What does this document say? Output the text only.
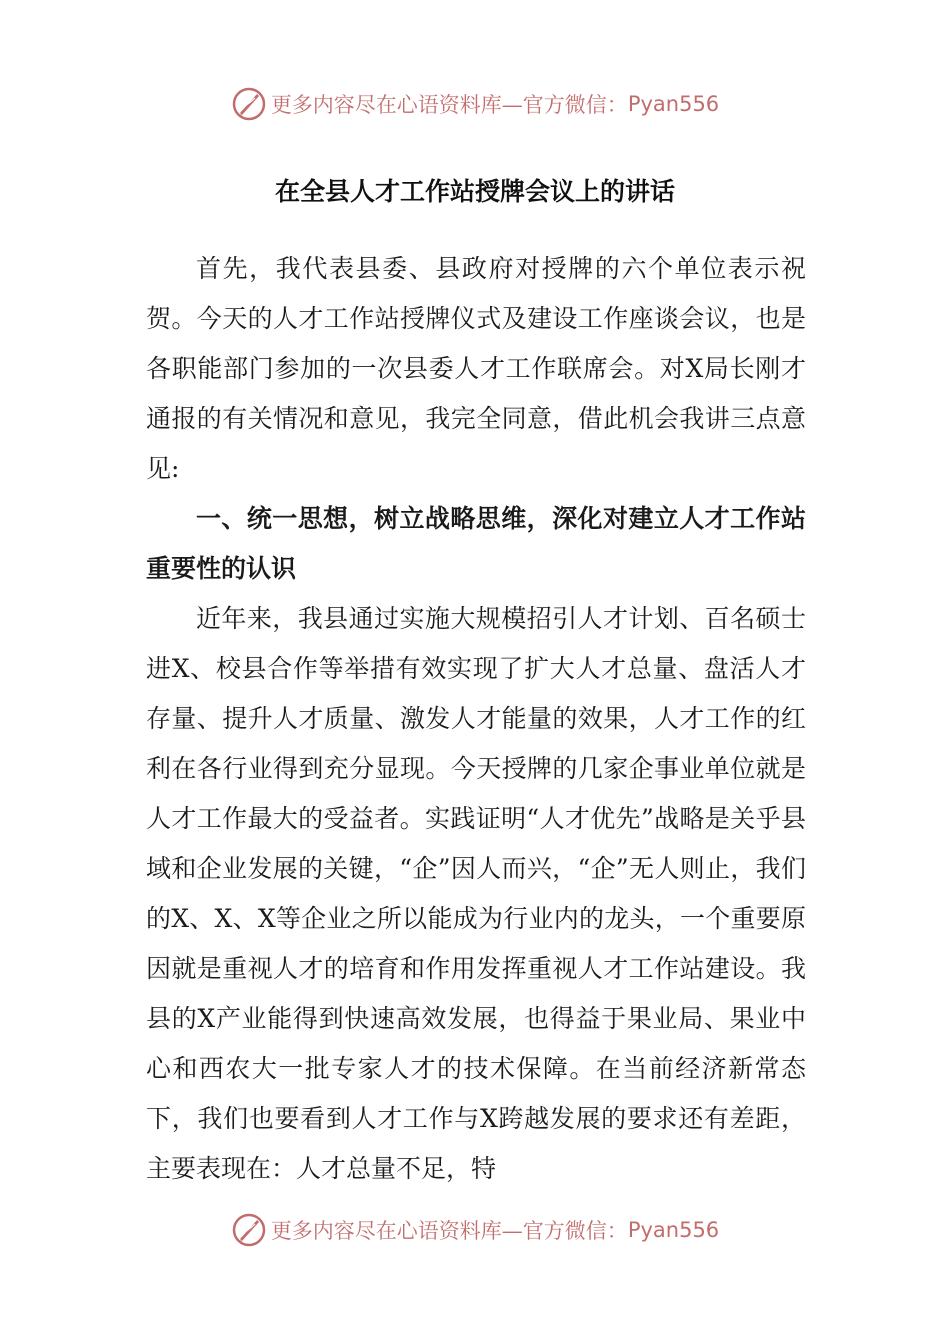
更多内容尽在心语资料库—官方微信： Pyan556
在全县人才工作站授牌会议上的讲话

首先，我代表县委、县政府对授牌的六个单位表示祝贺。今天的人才工作站授牌仪式及建设工作座谈会议，也是各职能部门参加的一次县委人才工作联席会。对X局长刚才通报的有关情况和意见，我完全同意，借此机会我讲三点意见:

一、统一思想，树立战略思维，深化对建立人才工作站重要性的认识

近年来，我县通过实施大规模招引人才计划、百名硕士进X、校县合作等举措有效实现了扩大人才总量、盘活人才存量、提升人才质量、激发人才能量的效果，人才工作的红利在各行业得到充分显现。今天授牌的几家企事业单位就是人才工作最大的受益者。实践证明“人才优先”战略是关乎县域和企业发展的关键，“企”因人而兴，“企”无人则止，我们的X、X、X等企业之所以能成为行业内的龙头，一个重要原因就是重视人才的培育和作用发挥重视人才工作站建设。我县的X产业能得到快速高效发展，也得益于果业局、果业中心和西农大一批专家人才的技术保障。在当前经济新常态下，我们也要看到人才工作与X跨越发展的要求还有差距，主要表现在：人才总量不足，特

更多内容尽在心语资料库—官方微信： Pyan556
